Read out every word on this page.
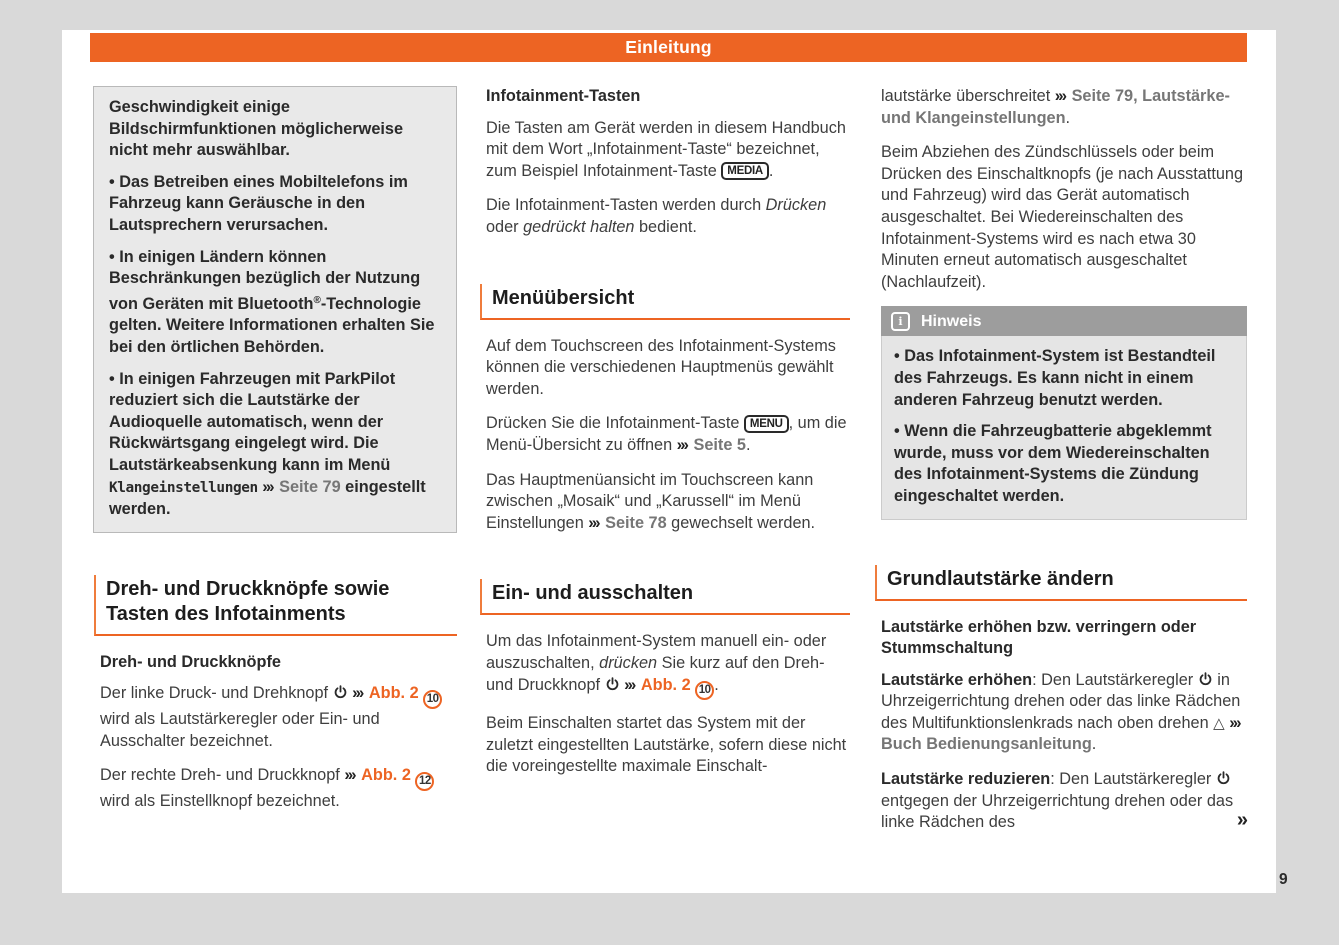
Einleitung

Geschwindigkeit einige Bildschirmfunktionen möglicherweise nicht mehr auswählbar.

• Das Betreiben eines Mobiltelefons im Fahrzeug kann Geräusche in den Lautsprechern verursachen.

• In einigen Ländern können Beschränkungen bezüglich der Nutzung von Geräten mit Bluetooth®-Technologie gelten. Weitere Informationen erhalten Sie bei den örtlichen Behörden.

• In einigen Fahrzeugen mit ParkPilot reduziert sich die Lautstärke der Audioquelle automatisch, wenn der Rückwärtsgang eingelegt wird. Die Lautstärkeabsenkung kann im Menü Klangeinstellungen ››› Seite 79 eingestellt werden.

Dreh- und Druckknöpfe sowie Tasten des Infotainments
Dreh- und Druckknöpfe

Der linke Druck- und Drehknopf  ››› Abb. 2 10 wird als Lautstärkeregler oder Ein- und Ausschalter bezeichnet.

Der rechte Dreh- und Druckknopf ››› Abb. 2 12 wird als Einstellknopf bezeichnet.

Infotainment-Tasten

Die Tasten am Gerät werden in diesem Handbuch mit dem Wort „Infotainment-Taste“ bezeichnet, zum Beispiel Infotainment-Taste MEDIA .

Die Infotainment-Tasten werden durch Drücken oder gedrückt halten bedient.

Menüübersicht

Auf dem Touchscreen des Infotainment-Systems können die verschiedenen Hauptmenüs gewählt werden.

Drücken Sie die Infotainment-Taste MENU , um die Menü-Übersicht zu öffnen ››› Seite 5.

Das Hauptmenüansicht im Touchscreen kann zwischen „Mosaik“ und „Karussell“ im Menü Einstellungen ››› Seite 78 gewechselt werden.

Ein- und ausschalten

Um das Infotainment-System manuell ein- oder auszuschalten, drücken Sie kurz auf den Dreh- und Druckknopf  ››› Abb. 2 10 .

Beim Einschalten startet das System mit der zuletzt eingestellten Lautstärke, sofern diese nicht die voreingestellte maximale Einschalt-

lautstärke überschreitet ››› Seite 79, Lautstärke- und Klangeinstellungen.

Beim Abziehen des Zündschlüssels oder beim Drücken des Einschaltknopfs (je nach Ausstattung und Fahrzeug) wird das Gerät automatisch ausgeschaltet. Bei Wiedereinschalten des Infotainment-Systems wird es nach etwa 30 Minuten erneut automatisch ausgeschaltet (Nachlaufzeit).

i Hinweis

• Das Infotainment-System ist Bestandteil des Fahrzeugs. Es kann nicht in einem anderen Fahrzeug benutzt werden.

• Wenn die Fahrzeugbatterie abgeklemmt wurde, muss vor dem Wiedereinschalten des Infotainment-Systems die Zündung eingeschaltet werden.

Grundlautstärke ändern
Lautstärke erhöhen bzw. verringern oder Stummschaltung

Lautstärke erhöhen: Den Lautstärkeregler  in Uhrzeigerrichtung drehen oder das linke Rädchen des Multifunktionslenkrads nach oben drehen △ ››› Buch Bedienungsanleitung.

Lautstärke reduzieren: Den Lautstärkeregler  entgegen der Uhrzeigerrichtung drehen oder das linke Rädchen des	»

9
